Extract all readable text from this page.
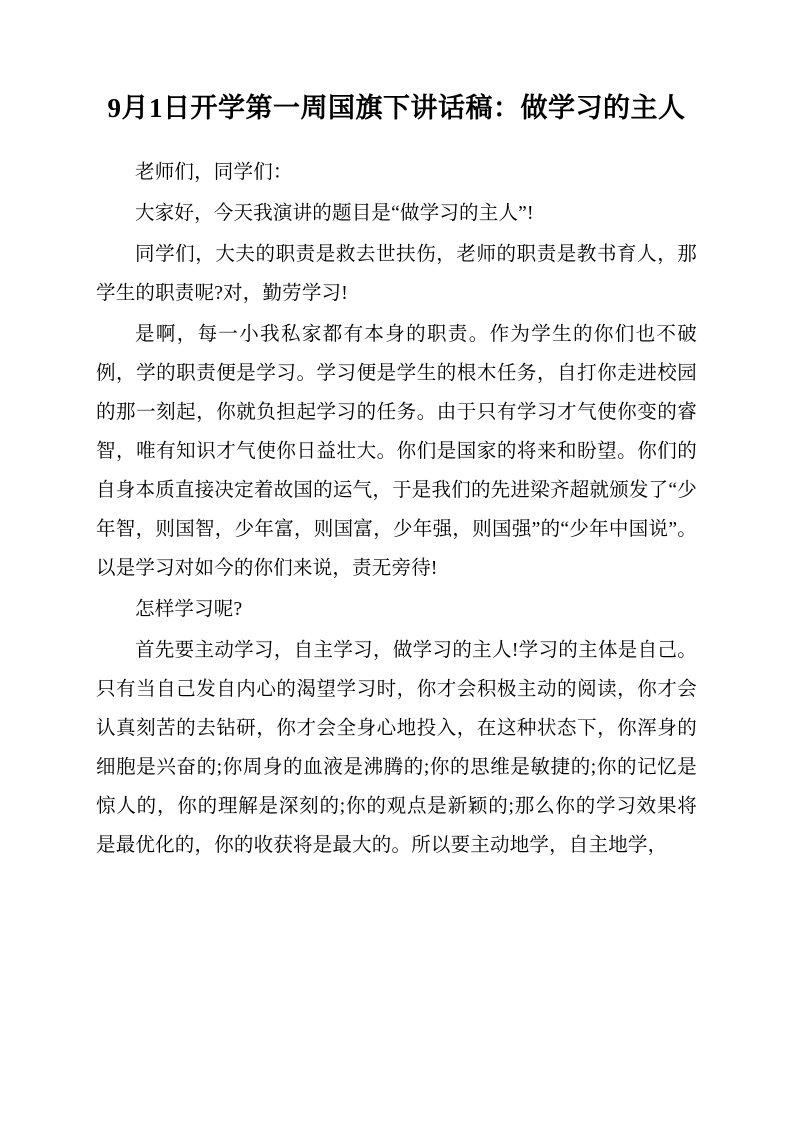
9月1日开学第一周国旗下讲话稿：做学习的主人

老师们，同学们：

大家好，今天我演讲的题目是“做学习的主人”!

同学们，大夫的职责是救去世扶伤，老师的职责是教书育人，那学生的职责呢?对，勤劳学习!

是啊，每一小我私家都有本身的职责。作为学生的你们也不破例，学的职责便是学习。学习便是学生的根木任务，自打你走进校园的那一刻起，你就负担起学习的任务。由于只有学习才气使你变的睿智，唯有知识才气使你日益壮大。你们是国家的将来和盼望。你们的自身本质直接决定着故国的运气，于是我们的先进梁齐超就颁发了“少年智，则国智，少年富，则国富，少年强，则国强”的“少年中国说”。以是学习对如今的你们来说，责无旁待!

怎样学习呢?

首先要主动学习，自主学习，做学习的主人!学习的主体是自己。只有当自己发自内心的渴望学习时，你才会积极主动的阅读，你才会认真刻苦的去钻研，你才会全身心地投入，在这种状态下，你浑身的细胞是兴奋的;你周身的血液是沸腾的;你的思维是敏捷的;你的记忆是惊人的，你的理解是深刻的;你的观点是新颖的;那么你的学习效果将是最优化的，你的收获将是最大的。所以要主动地学，自主地学，
